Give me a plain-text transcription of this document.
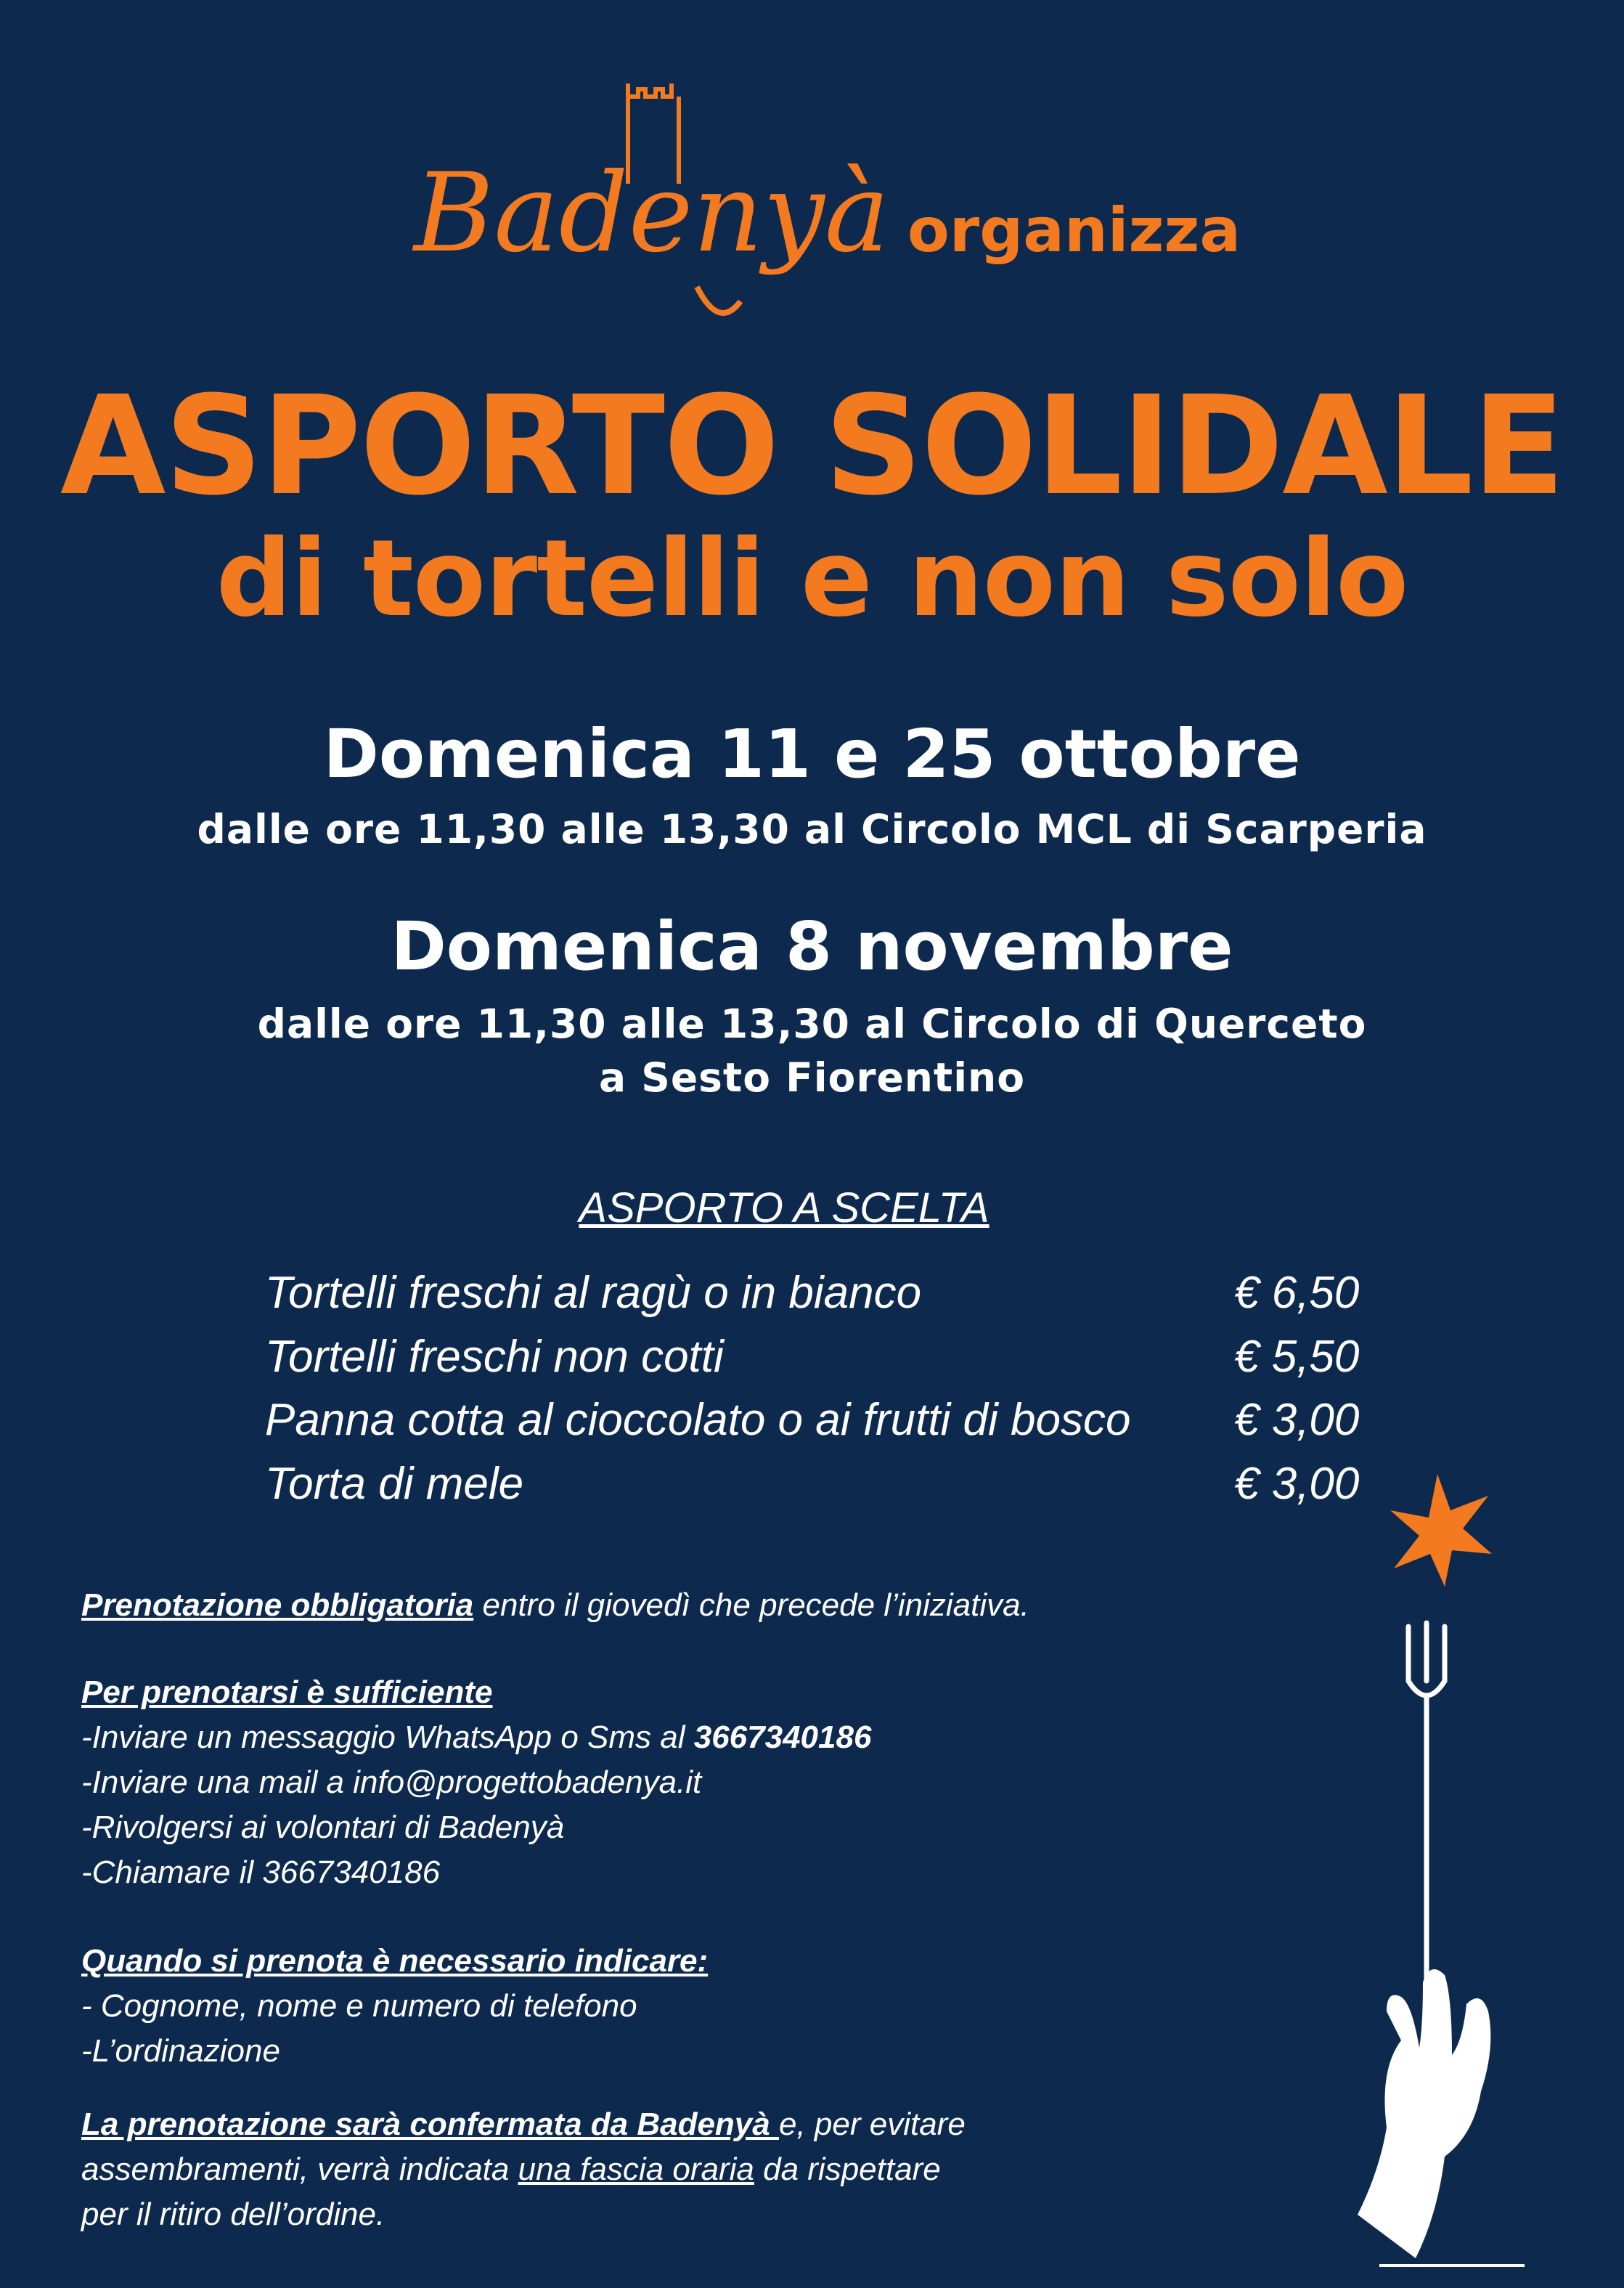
Badenyà organizza
ASPORTO SOLIDALE
di tortelli e non solo
Domenica 11 e 25 ottobre
dalle ore 11,30 alle 13,30 al Circolo MCL di Scarperia
Domenica 8 novembre
dalle ore 11,30 alle 13,30 al Circolo di Querceto
a Sesto Fiorentino
ASPORTO A SCELTA
Tortelli freschi al ragù o in bianco	€ 6,50
Tortelli freschi non cotti	€ 5,50
Panna cotta al cioccolato o ai frutti di bosco € 3,00
Torta di mele	€ 3,00
Prenotazione obbligatoria entro il giovedì che precede l’iniziativa.
Per prenotarsi è sufficiente
-Inviare un messaggio WhatsApp o Sms al 3667340186
-Inviare una mail a info@progettobadenya.it
-Rivolgersi ai volontari di Badenyà
-Chiamare il 3667340186
Quando si prenota è necessario indicare:
- Cognome, nome e numero di telefono
-L’ordinazione
La prenotazione sarà confermata da Badenyà e, per evitare
assembramenti, verrà indicata una fascia oraria da rispettare
per il ritiro dell’ordine.
